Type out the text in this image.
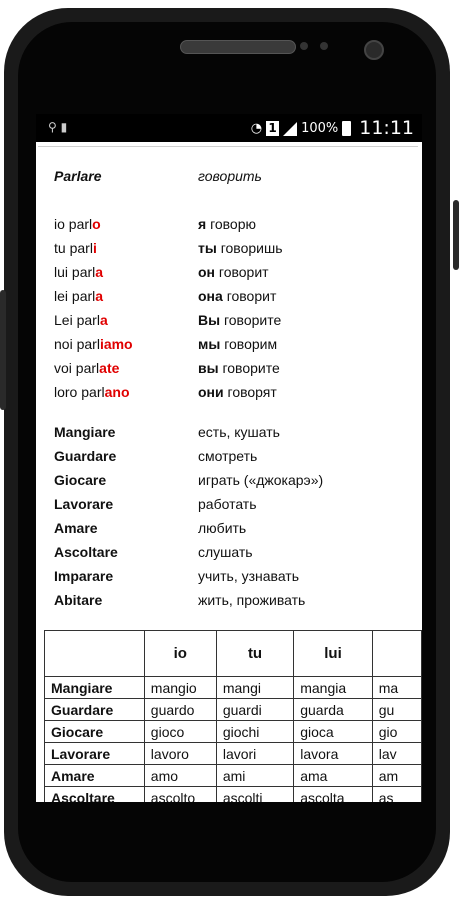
⚲ ▮	◔ 1 100% 11:11
Parlare	говорить
io parlo	я говорю
tu parli	ты говоришь
lui parla	он говорит
lei parla	она говорит
Lei parla	Вы говорите
noi parliamo	мы говорим
voi parlate	вы говорите
loro parlano	они говорят
Mangiare	есть, кушать
Guardare	смотреть
Giocare	играть («джокарэ»)
Lavorare	работать
Amare	любить
Ascoltare	слушать
Imparare	учить, узнавать
Abitare	жить, проживать
	io	tu	lui	
Mangiare	mangio	mangi	mangia	ma
Guardare	guardo	guardi	guarda	gu
Giocare	gioco	giochi	gioca	gio
Lavorare	lavoro	lavori	lavora	lav
Amare	amo	ami	ama	am
Ascoltare	ascolto	ascolti	ascolta	as
